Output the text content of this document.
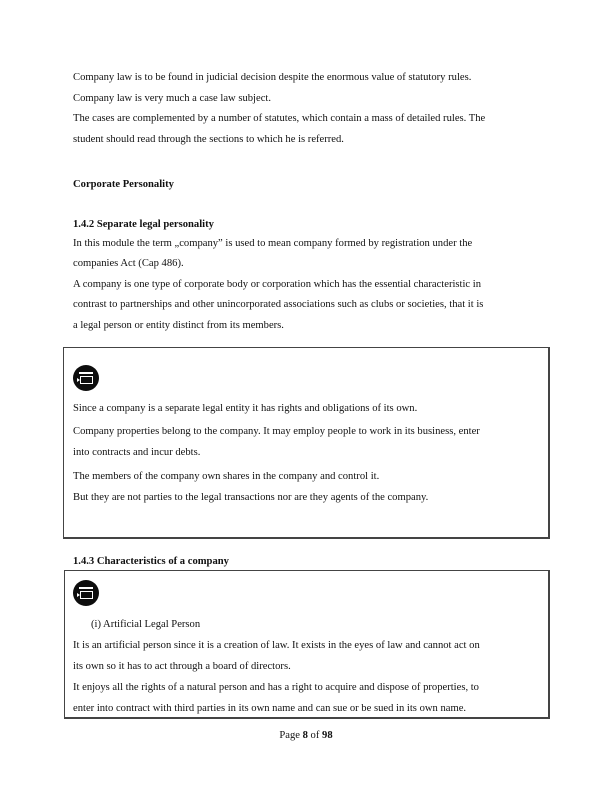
Company law is to be found in judicial decision despite the enormous value of statutory rules.
Company law is very much a case law subject.
The cases are complemented by a number of statutes, which contain a mass of detailed rules. The
student should read through the sections to which he is referred.
Corporate Personality
1.4.2 Separate legal personality
In this module the term „company” is used to mean company formed by registration under the
companies Act (Cap 486).
A company is one type of corporate body or corporation which has the essential characteristic in
contrast to partnerships and other unincorporated associations such as clubs or societies, that it is
a legal person or entity distinct from its members.
Since a company is a separate legal entity it has rights and obligations of its own.
Company properties belong to the company. It may employ people to work in its business, enter
into contracts and incur debts.
The members of the company own shares in the company and control it.
But they are not parties to the legal transactions nor are they agents of the company.
1.4.3 Characteristics of a company
(i) Artificial Legal Person
It is an artificial person since it is a creation of law. It exists in the eyes of law and cannot act on
its own so it has to act through a board of directors.
It enjoys all the rights of a natural person and has a right to acquire and dispose of properties, to
enter into contract with third parties in its own name and can sue or be sued in its own name.
Page 8 of 98
